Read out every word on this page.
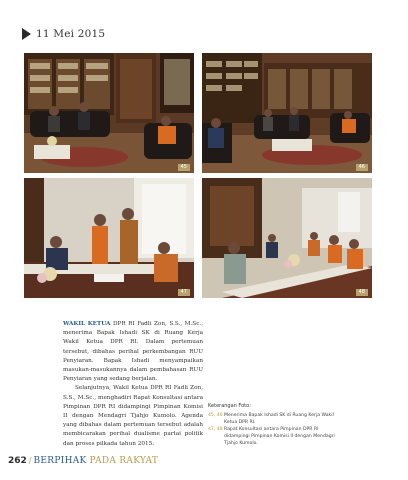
11 Mei 2015
45	46
47	48

WAKIL KETUA DPR RI Fadli Zon, S.S., M.Sc., menerima Bapak Ishadi SK di Ruang Kerja Wakil Ketua DPR RI. Dalam pertemuan tersebut, dibahas perihal perkembangan RUU Penyiaran. Bapak Ishadi menyampaikan masukan-masukannya dalam pembahasan RUU Penyiaran yang sedang berjalan.

Selanjutnya, Wakil Ketua DPR RI Fadli Zon, S.S., M.Sc., menghadiri Rapat Konsultasi antara Pimpinan DPR RI didampingi Pimpinan Komisi II dengan Mendagri Tjahjo Kumolo. Agenda yang dibahas dalam pertemuan tersebut adalah membicarakan perihal dualisme partai politik dan proses pilkada tahun 2015.

Keterangan Foto:
45, 46 Menerima Bapak Ishadi SK di Ruang Kerja Wakil Ketua DPR RI.
47, 48 Rapat Konsultasi antara Pimpinan DPR RI didampingi Pimpinan Komisi II dengan Mendagri Tjahjo Kumolo.
262 / BERPIHAK PADA RAKYAT
